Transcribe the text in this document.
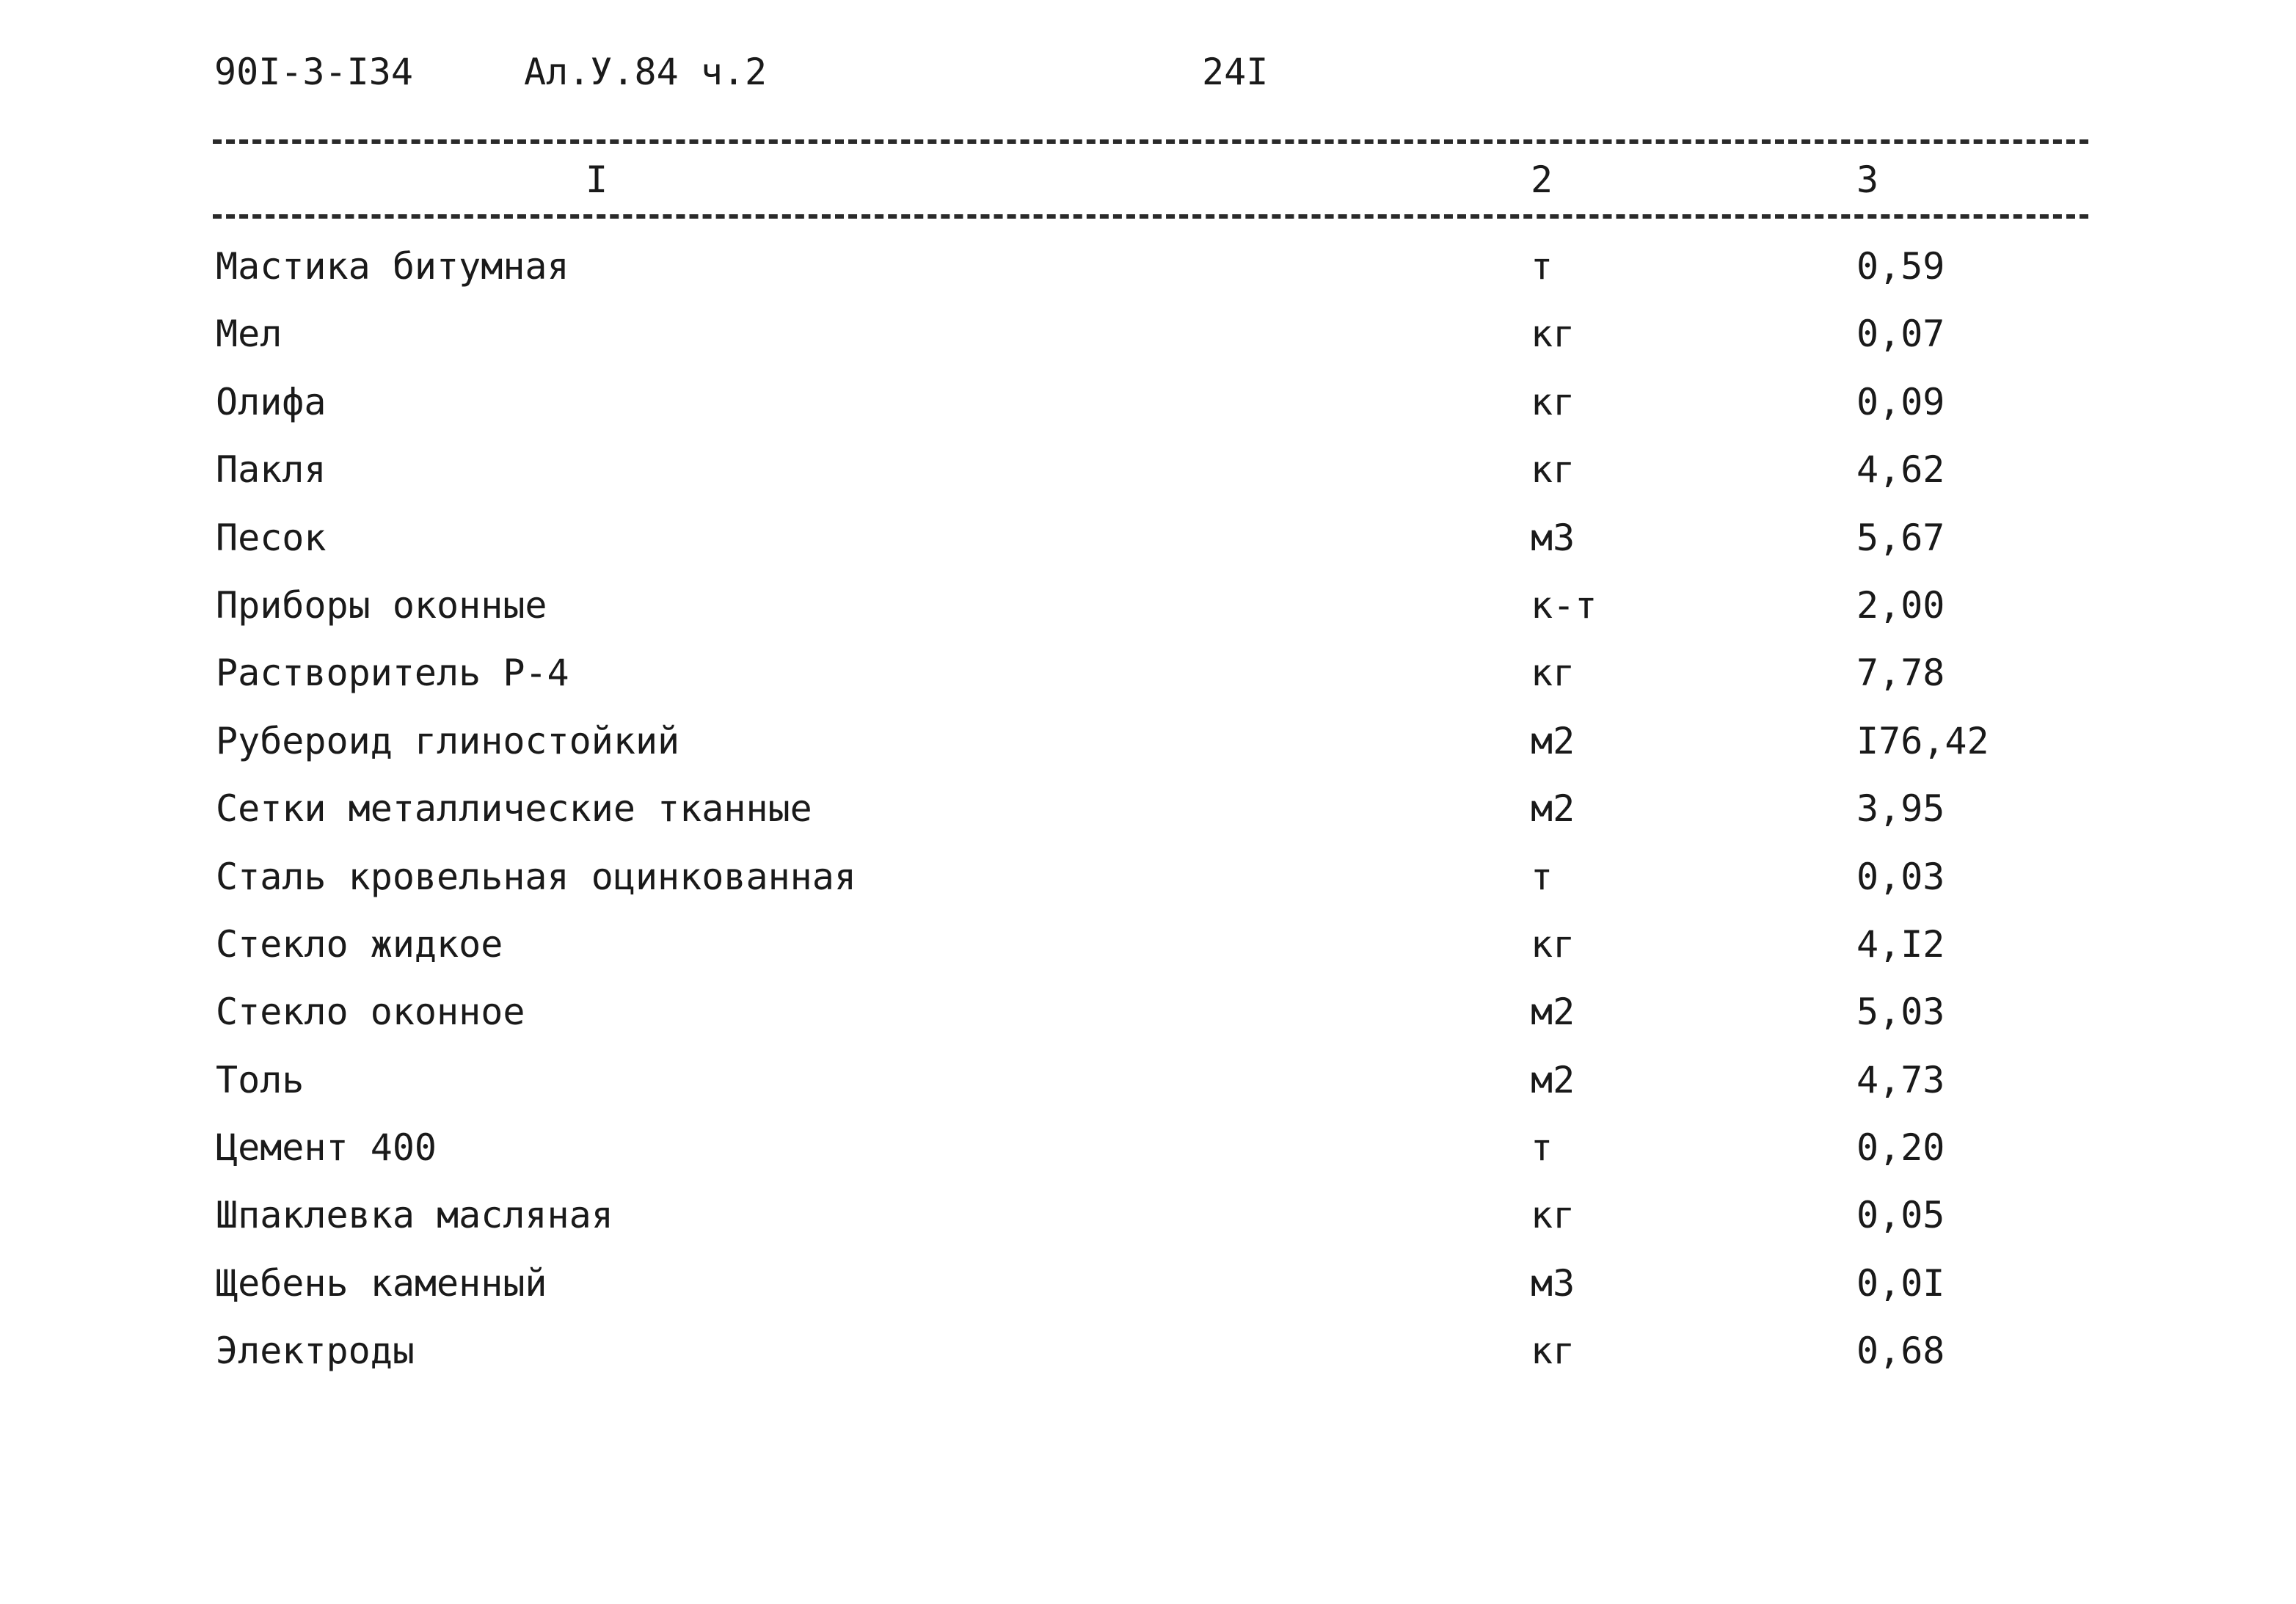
90I-3-I34	Ал.У.84 ч.2	24I
I	2	3
Мастика битумная	т	0,59
Мел	кг	0,07
Олифа	кг	0,09
Пакля	кг	4,62
Песок	м3	5,67
Приборы оконные	к-т	2,00
Растворитель Р-4	кг	7,78
Рубероид глиностойкий	м2	I76,42
Сетки металлические тканные	м2	3,95
Сталь кровельная оцинкованная	т	0,03
Стекло жидкое	кг	4,I2
Стекло оконное	м2	5,03
Толь	м2	4,73
Цемент 400	т	0,20
Шпаклевка масляная	кг	0,05
Щебень каменный	м3	0,0I
Электроды	кг	0,68
